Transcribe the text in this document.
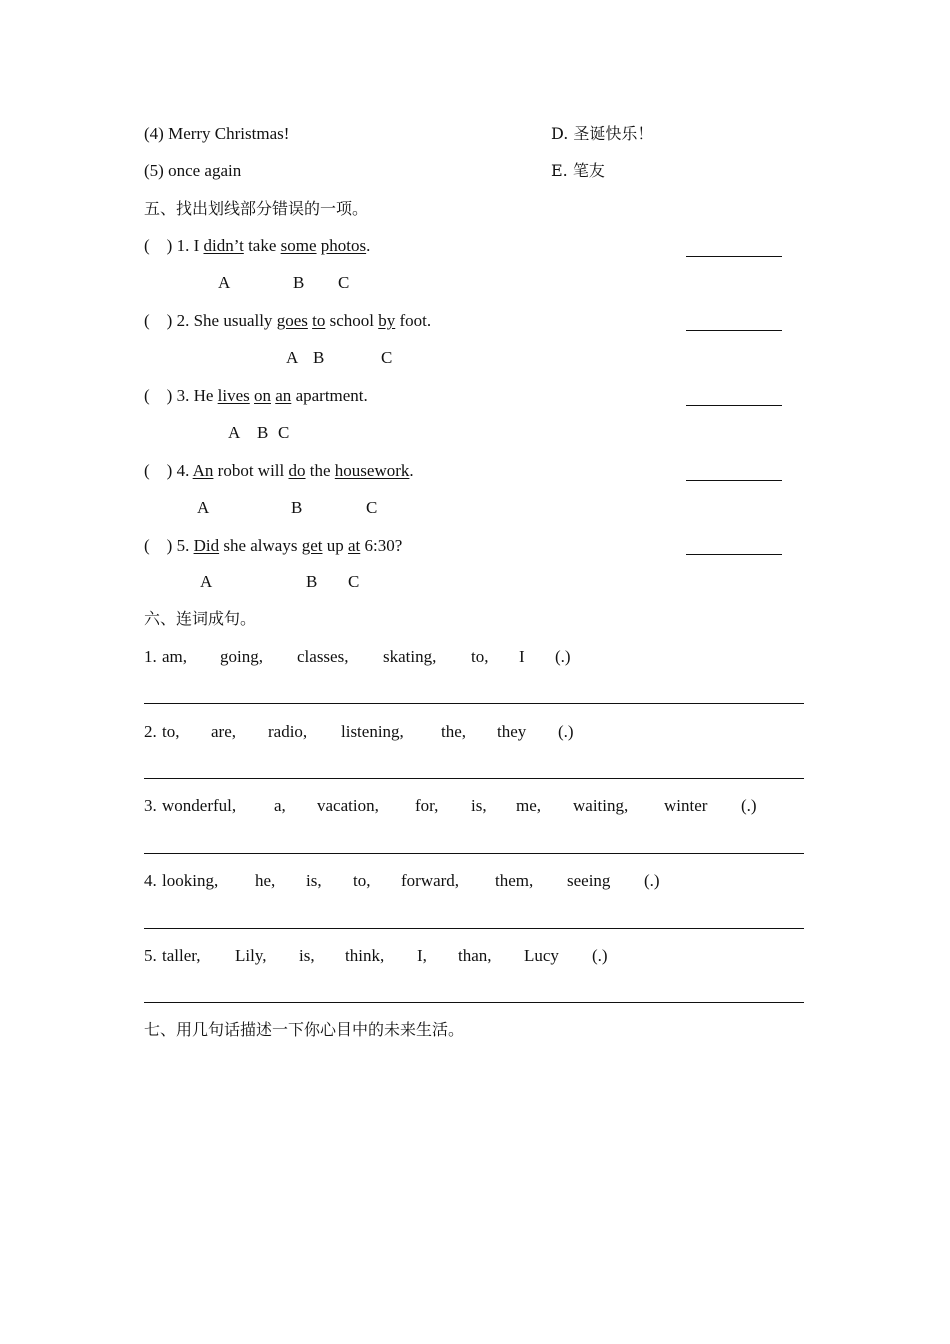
(4) Merry Christmas!	D. 圣诞快乐！
(5) once again	E. 笔友
五、找出划线部分错误的一项。
(    ) 1. I didn’t take some photos.
A	B C
(    ) 2. She usually goes to school by foot.
A B	C
(    ) 3. He lives on an apartment.
A B C
(    ) 4. An robot will do the housework.
A	B	C
(    ) 5. Did she always get up at 6:30?
A	B C
六、连词成句。
1. am, going, classes, skating, to, I (.)
2. to, are, radio, listening, the, they (.)
3. wonderful, a, vacation, for, is, me, waiting, winter (.)
4. looking, he, is, to, forward, them, seeing (.)
5. taller, Lily, is, think, I, than, Lucy (.)
七、用几句话描述一下你心目中的未来生活。
